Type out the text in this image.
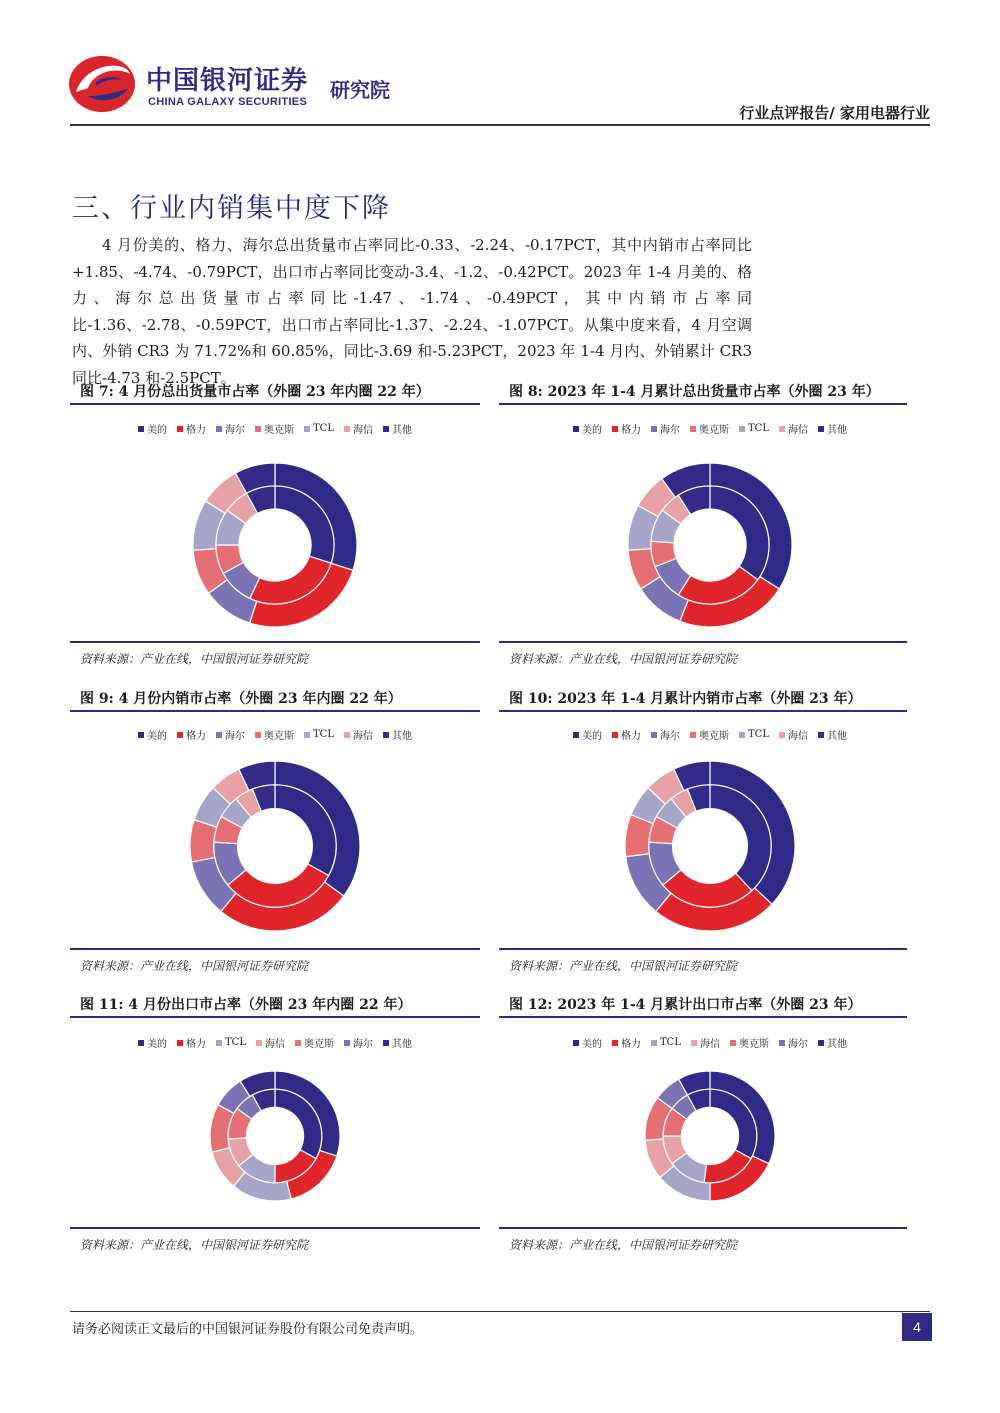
中国银河证券
CHINA GALAXY SECURITIES 研究院
行业点评报告/ 家用电器行业
三、行业内销集中度下降

4 月份美的、格力、海尔总出货量市占率同比-0.33、-2.24、-0.17PCT，其中内销市占率同比+1.85、-4.74、-0.79PCT，出口市占率同比变动-3.4、-1.2、-0.42PCT。2023 年 1-4 月美的、格力、海尔总出货量市占率同比-1.47、-1.74、-0.49PCT，其中内销市占率同比-1.36、-2.78、-0.59PCT，出口市占率同比-1.37、-2.24、-1.07PCT。从集中度来看，4 月空调内、外销 CR3 为 71.72%和 60.85%，同比-3.69 和-5.23PCT，2023 年 1-4 月内、外销累计 CR3 同比-4.73 和-2.5PCT。

图 7: 4 月份总出货量市占率（外圈 23 年内圈 22 年）
美的 格力 海尔 奥克斯 TCL 海信 其他
资料来源：产业在线，中国银河证券研究院
图 8: 2023 年 1-4 月累计总出货量市占率（外圈 23 年）
美的 格力 海尔 奥克斯 TCL 海信 其他
资料来源：产业在线，中国银河证券研究院
图 9: 4 月份内销市占率（外圈 23 年内圈 22 年）
美的 格力 海尔 奥克斯 TCL 海信 其他
资料来源：产业在线，中国银河证券研究院
图 10: 2023 年 1-4 月累计内销市占率（外圈 23 年）
美的 格力 海尔 奥克斯 TCL 海信 其他
资料来源：产业在线，中国银河证券研究院
图 11: 4 月份出口市占率（外圈 23 年内圈 22 年）
美的 格力 TCL 海信 奥克斯 海尔 其他
资料来源：产业在线，中国银河证券研究院
图 12: 2023 年 1-4 月累计出口市占率（外圈 23 年）
美的 格力 TCL 海信 奥克斯 海尔 其他
资料来源：产业在线，中国银河证券研究院
请务必阅读正文最后的中国银河证券股份有限公司免责声明。	4
